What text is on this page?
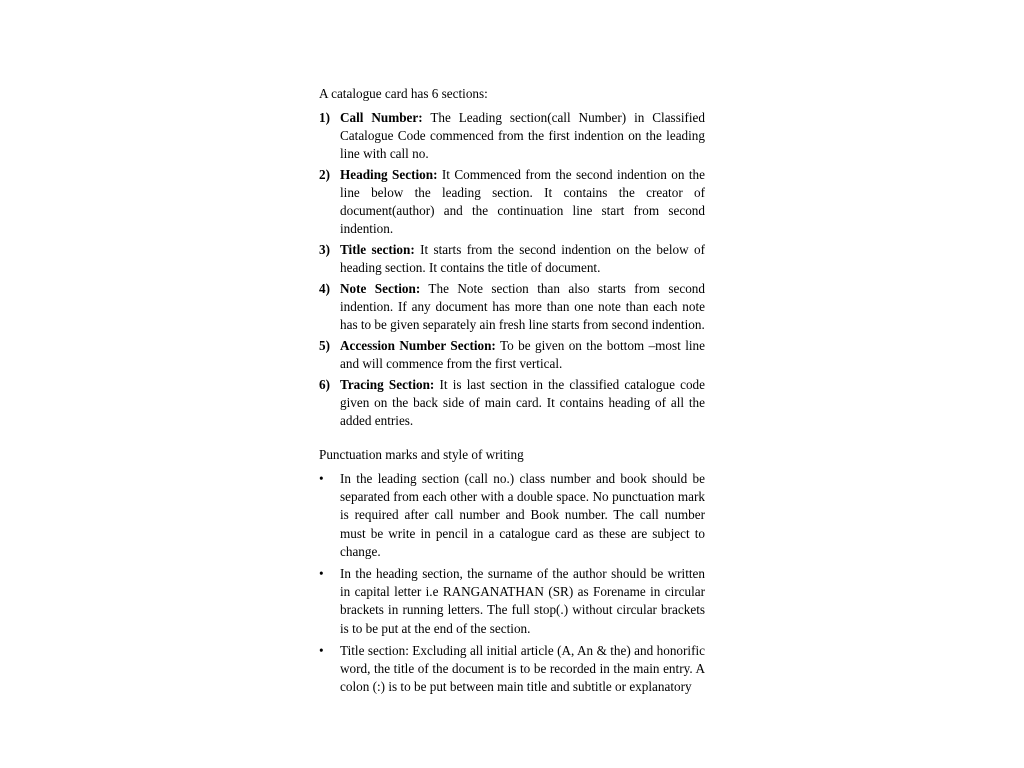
A catalogue card has 6 sections:

1) Call Number: The Leading section(call Number) in Classified Catalogue Code commenced from the first indention on the leading line with call no.
2) Heading Section: It Commenced from the second indention on the line below the leading section. It contains the creator of document(author) and the continuation line start from second indention.
3) Title section: It starts from the second indention on the below of heading section. It contains the title of document.
4) Note Section: The Note section than also starts from second indention. If any document has more than one note than each note has to be given separately ain fresh line starts from second indention.
5) Accession Number Section: To be given on the bottom –most line and will commence from the first vertical.
6) Tracing Section: It is last section in the classified catalogue code given on the back side of main card. It contains heading of all the added entries.
Punctuation marks and style of writing
• In the leading section (call no.) class number and book should be separated from each other with a double space. No punctuation mark is required after call number and Book number. The call number must be write in pencil in a catalogue card as these are subject to change.
• In the heading section, the surname of the author should be written in capital letter i.e RANGANATHAN (SR) as Forename in circular brackets in running letters. The full stop(.) without circular brackets is to be put at the end of the section.
• Title section: Excluding all initial article (A, An & the) and honorific word, the title of the document is to be recorded in the main entry. A colon (:) is to be put between main title and subtitle or explanatory
